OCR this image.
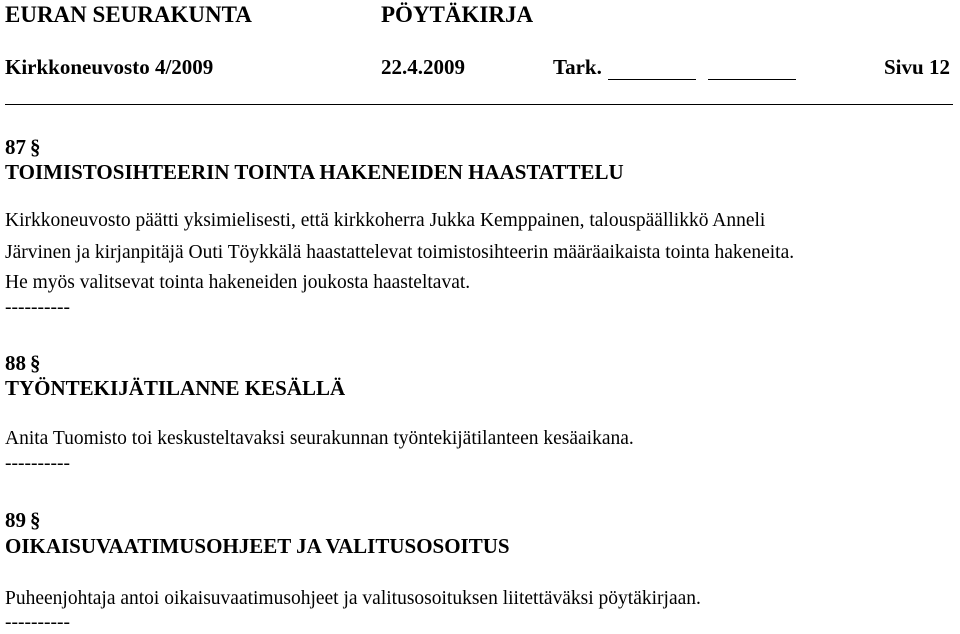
EURAN SEURAKUNTA	PÖYTÄKIRJA
Kirkkoneuvosto 4/2009	22.4.2009	Tark.	Sivu 12
87 §
TOIMISTOSIHTEERIN TOINTA HAKENEIDEN HAASTATTELU
Kirkkoneuvosto päätti yksimielisesti, että kirkkoherra Jukka Kemppainen, talouspäällikkö Anneli
Järvinen ja kirjanpitäjä Outi Töykkälä haastattelevat toimistosihteerin määräaikaista tointa hakeneita.
He myös valitsevat tointa hakeneiden joukosta haasteltavat.
----------
88 §
TYÖNTEKIJÄTILANNE KESÄLLÄ
Anita Tuomisto toi keskusteltavaksi seurakunnan työntekijätilanteen kesäaikana.
----------
89 §
OIKAISUVAATIMUSOHJEET JA VALITUSOSOITUS
Puheenjohtaja antoi oikaisuvaatimusohjeet ja valitusosoituksen liitettäväksi pöytäkirjaan.
----------
